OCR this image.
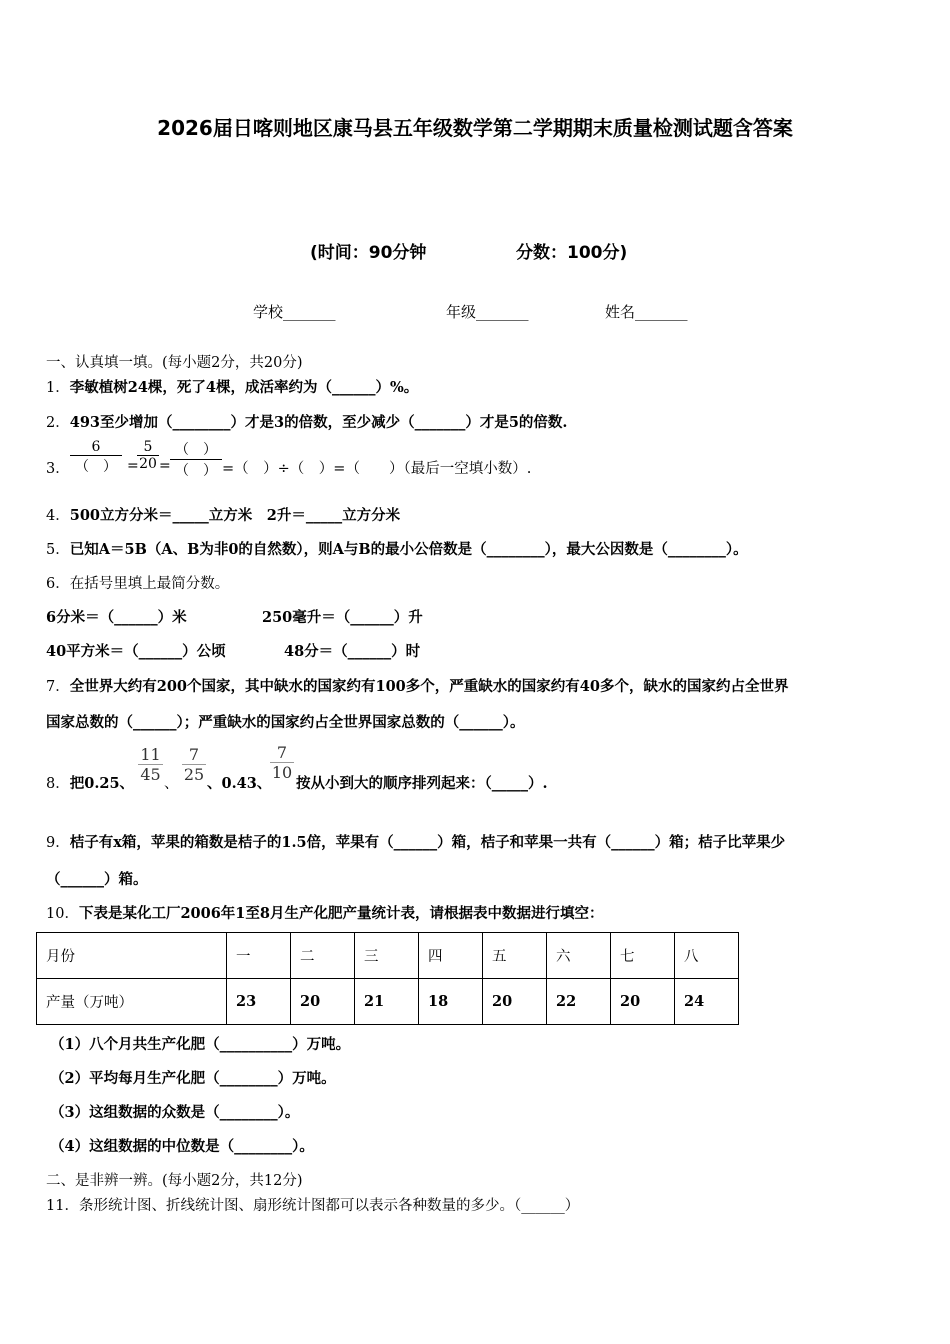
2026届日喀则地区康马县五年级数学第二学期期末质量检测试题含答案
(时间：90分钟	分数：100分)
学校_______	年级_______	姓名_______
一、认真填一填。(每小题2分，共20分)
1．李敏植树24棵，死了4棵，成活率约为（______）%。
2．493至少增加（________）才是3的倍数，至少减少（_______）才是5的倍数.
3．
6
（　） =
5
20 =
（　）
（　） =（　）÷（　）=（　　）（最后一空填小数）.
4．500立方分米＝_____立方米　2升＝_____立方分米
5．已知A＝5B（A、B为非0的自然数），则A与B的最小公倍数是（________），最大公因数是（________）。
6．在括号里填上最简分数。
6分米＝（______）米	250毫升＝（______）升
40平方米＝（______）公顷	48分＝（______）时
7．全世界大约有200个国家，其中缺水的国家约有100多个，严重缺水的国家约有40多个，缺水的国家约占全世界
国家总数的（______）；严重缺水的国家约占全世界国家总数的（______）。
8．把0.25、
11
45 、
7
25 、0.43、
7
10
按从小到大的顺序排列起来：（_____）.
9．桔子有x箱，苹果的箱数是桔子的1.5倍，苹果有（______）箱，桔子和苹果一共有（______）箱；桔子比苹果少
（______）箱。
10．下表是某化工厂2006年1至8月生产化肥产量统计表，请根据表中数据进行填空：
月份	一	二	三	四	五	六	七	八
产量（万吨）	23	20	21	18	20	22	20	24
（1）八个月共生产化肥（__________）万吨。
（2）平均每月生产化肥（________）万吨。
（3）这组数据的众数是（________）。
（4）这组数据的中位数是（________）。
二、是非辨一辨。(每小题2分，共12分)
11．条形统计图、折线统计图、扇形统计图都可以表示各种数量的多少。（______）
